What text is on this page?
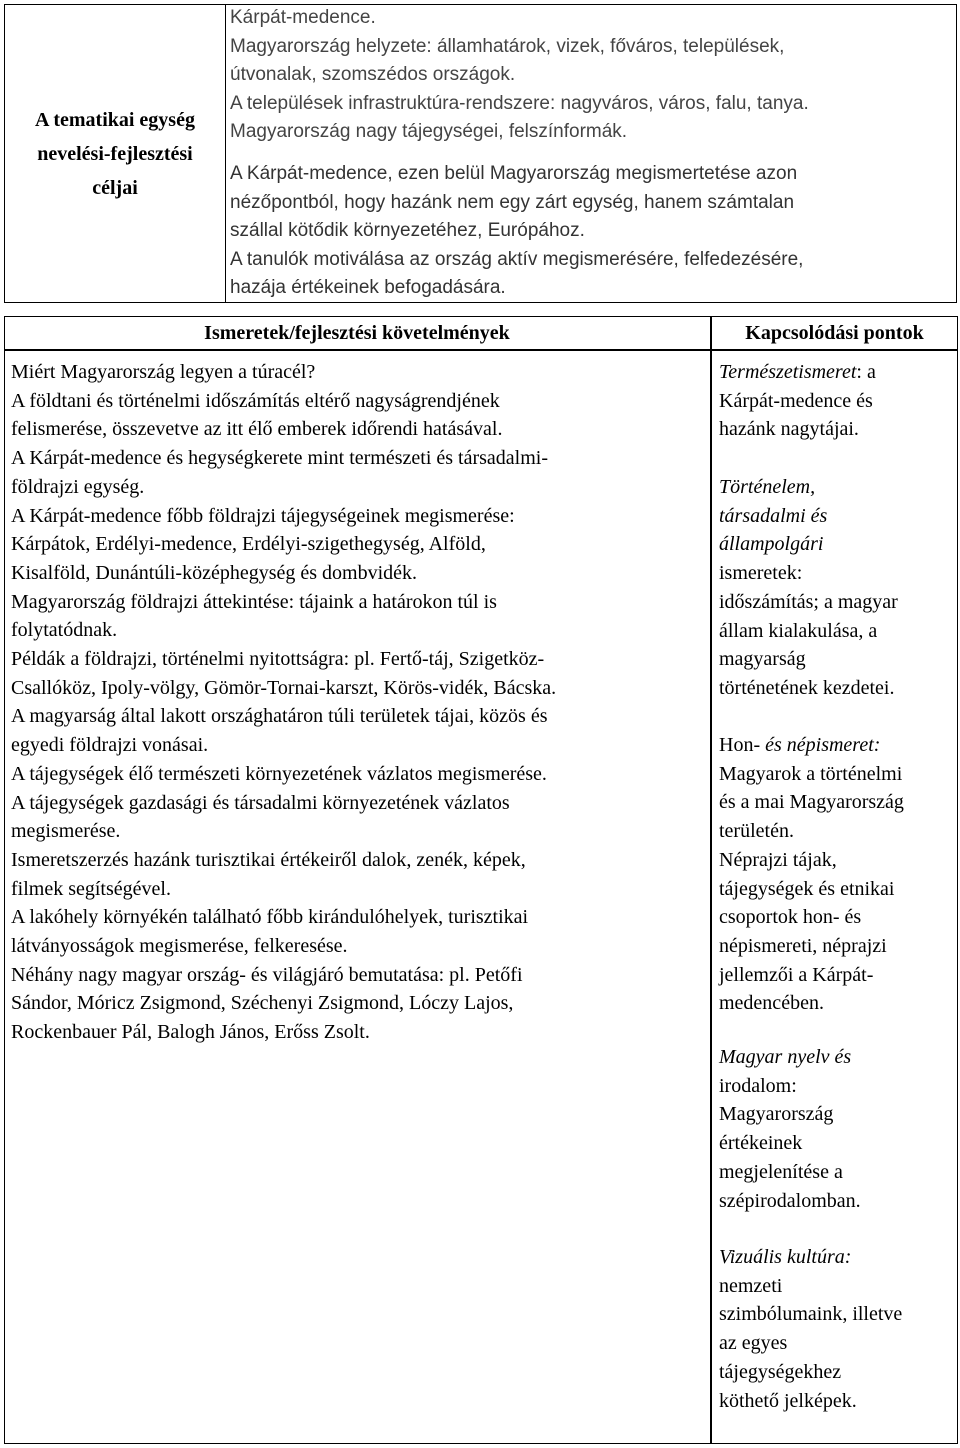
A tematikai egység
nevelési-fejlesztési
céljai
Kárpát-medence.
Magyarország helyzete: államhatárok, vizek, főváros, települések,
útvonalak, szomszédos országok.
A települések infrastruktúra-rendszere: nagyváros, város, falu, tanya.
Magyarország nagy tájegységei, felszínformák.
A Kárpát-medence, ezen belül Magyarország megismertetése azon
nézőpontból, hogy hazánk nem egy zárt egység, hanem számtalan
szállal kötődik környezetéhez, Európához.
A tanulók motiválása az ország aktív megismerésére, felfedezésére,
hazája értékeinek befogadására.
Ismeretek/fejlesztési követelmények	Kapcsolódási pontok
Miért Magyarország legyen a túracél?
A földtani és történelmi időszámítás eltérő nagyságrendjének
felismerése, összevetve az itt élő emberek időrendi hatásával.
A Kárpát-medence és hegységkerete mint természeti és társadalmi-
földrajzi egység.
A Kárpát-medence főbb földrajzi tájegységeinek megismerése:
Kárpátok, Erdélyi-medence, Erdélyi-szigethegység, Alföld,
Kisalföld, Dunántúli-középhegység és dombvidék.
Magyarország földrajzi áttekintése: tájaink a határokon túl is
folytatódnak.
Példák a földrajzi, történelmi nyitottságra: pl. Fertő-táj, Szigetköz-
Csallóköz, Ipoly-völgy, Gömör-Tornai-karszt, Körös-vidék, Bácska.
A magyarság által lakott országhatáron túli területek tájai, közös és
egyedi földrajzi vonásai.
A tájegységek élő természeti környezetének vázlatos megismerése.
A tájegységek gazdasági és társadalmi környezetének vázlatos
megismerése.
Ismeretszerzés hazánk turisztikai értékeiről dalok, zenék, képek,
filmek segítségével.
A lakóhely környékén található főbb kirándulóhelyek, turisztikai
látványosságok megismerése, felkeresése.
Néhány nagy magyar ország- és világjáró bemutatása: pl. Petőfi
Sándor, Móricz Zsigmond, Széchenyi Zsigmond, Lóczy Lajos,
Rockenbauer Pál, Balogh János, Erőss Zsolt.
Természetismeret: a
Kárpát-medence és
hazánk nagytájai.
Történelem,
társadalmi és
állampolgári
ismeretek:
időszámítás; a magyar
állam kialakulása, a
magyarság
történetének kezdetei.
Hon- és népismeret:
Magyarok a történelmi
és a mai Magyarország
területén.
Néprajzi tájak,
tájegységek és etnikai
csoportok hon- és
népismereti, néprajzi
jellemzői a Kárpát-
medencében.
Magyar nyelv és
irodalom:
Magyarország
értékeinek
megjelenítése a
szépirodalomban.
Vizuális kultúra:
nemzeti
szimbólumaink, illetve
az egyes
tájegységekhez
köthető jelképek.
